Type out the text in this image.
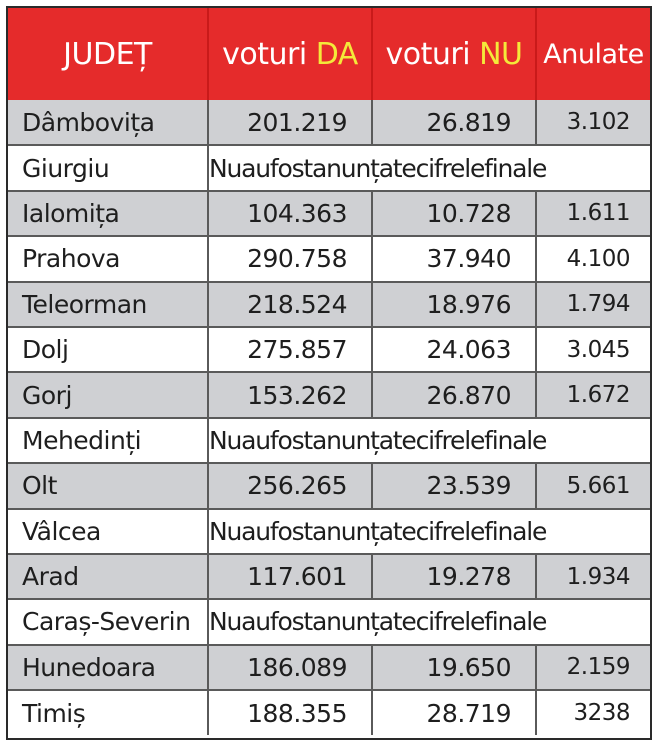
JUDEȚ	voturi DA	voturi NU	Anulate
Dâmbovița	201.219	26.819	3.102
Giurgiu	Nuaufostanunțatecifrelefinale		
Ialomița	104.363	10.728	1.611
Prahova	290.758	37.940	4.100
Teleorman	218.524	18.976	1.794
Dolj	275.857	24.063	3.045
Gorj	153.262	26.870	1.672
Mehedinți	Nuaufostanunțatecifrelefinale		
Olt	256.265	23.539	5.661
Vâlcea	Nuaufostanunțatecifrelefinale		
Arad	117.601	19.278	1.934
Caraș-Severin	Nuaufostanunțatecifrelefinale		
Hunedoara	186.089	19.650	2.159
Timiș	188.355	28.719	3238
